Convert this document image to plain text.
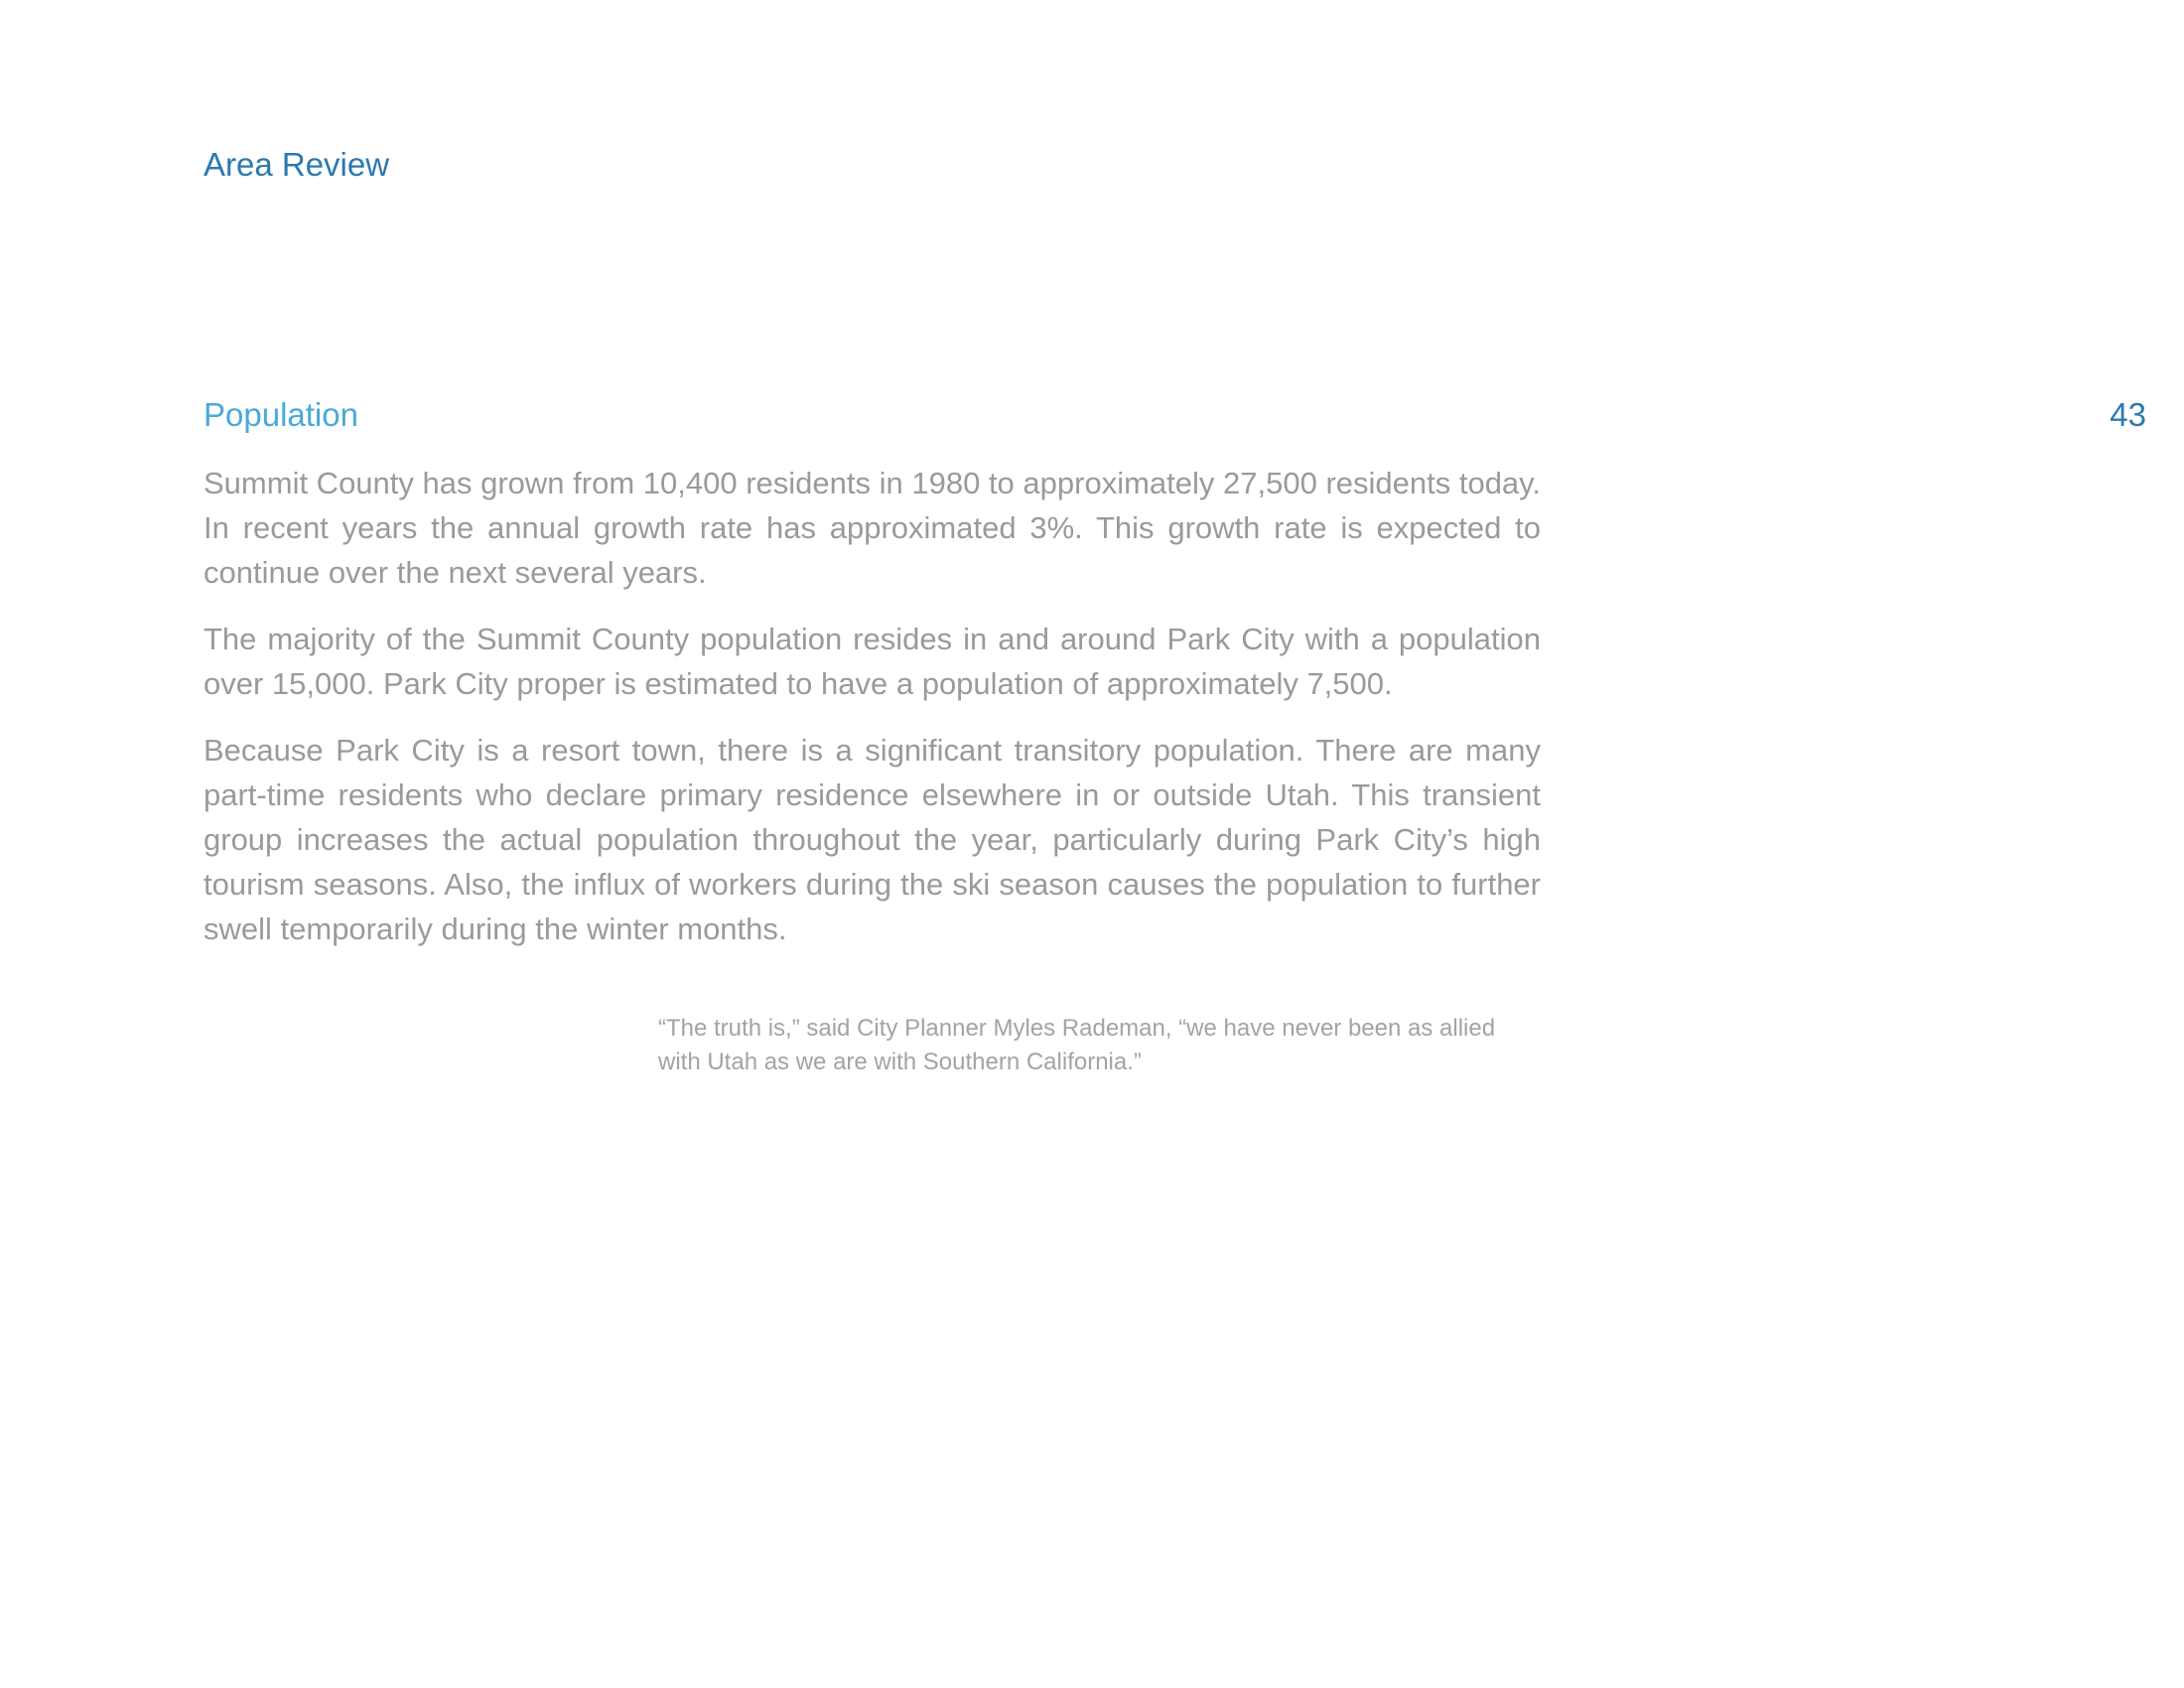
Area Review
Population	43

Summit County has grown from 10,400 residents in 1980 to approximately 27,500 residents today. In recent years the annual growth rate has approximated 3%. This growth rate is expected to continue over the next several years.

The majority of the Summit County population resides in and around Park City with a population over 15,000. Park City proper is estimated to have a population of approximately 7,500.

Because Park City is a resort town, there is a significant transitory population. There are many part-time residents who declare primary residence elsewhere in or outside Utah. This transient group increases the actual population throughout the year, particularly during Park City’s high tourism seasons. Also, the influx of workers during the ski season causes the population to further swell temporarily during the winter months.

“The truth is,” said City Planner Myles Rademan, “we have never been as allied with Utah as we are with Southern California.”
